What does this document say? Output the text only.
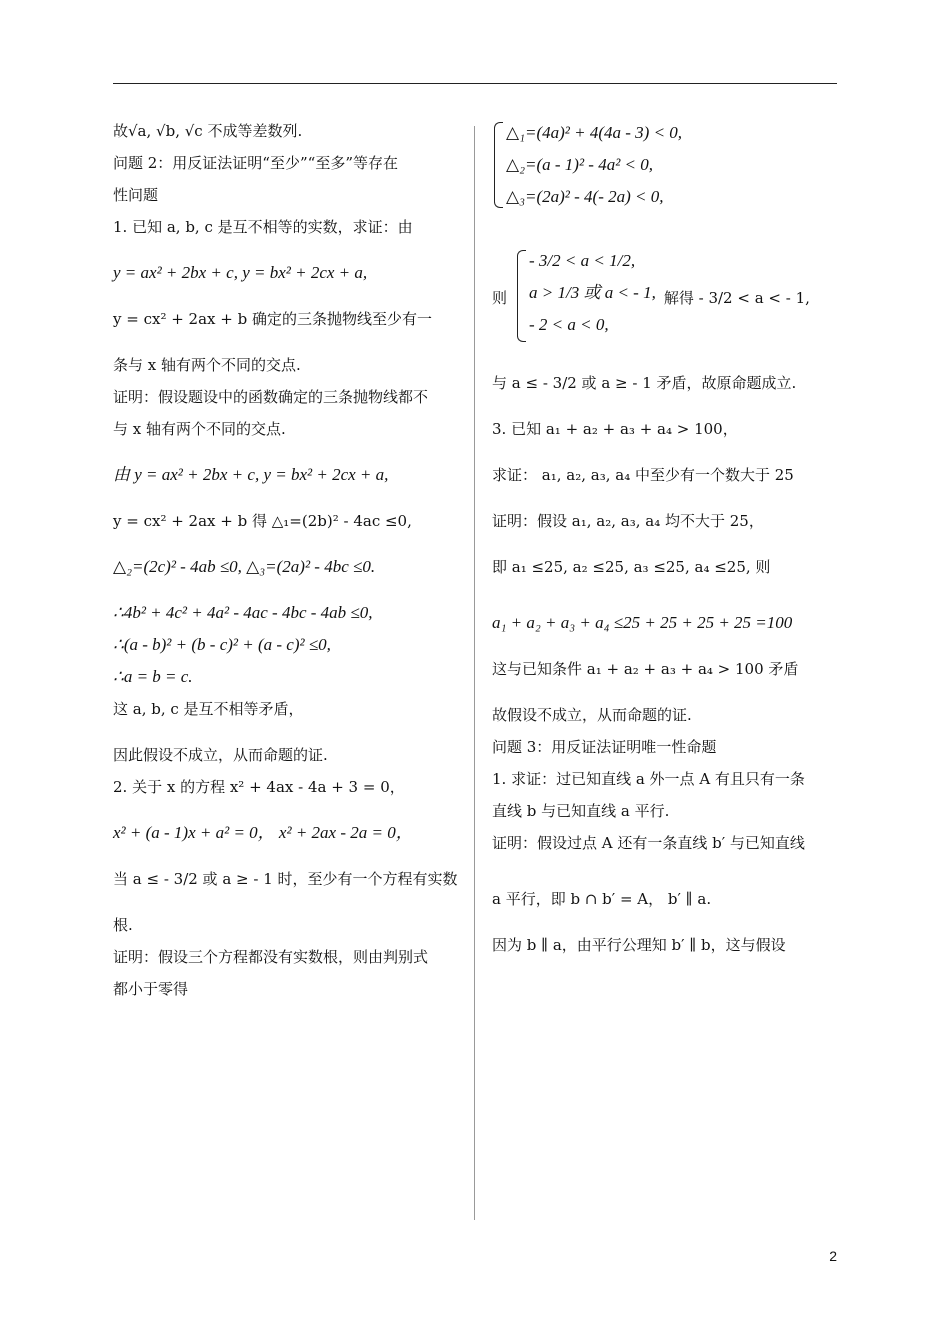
故√a, √b, √c 不成等差数列.

问题 2：用反证法证明“至少”“至多”等存在

性问题

1. 已知 a, b, c 是互不相等的实数，求证：由

y = ax² + 2bx + c, y = bx² + 2cx + a,

y = cx² + 2ax + b 确定的三条抛物线至少有一

条与 x 轴有两个不同的交点.

证明：假设题设中的函数确定的三条抛物线都不

与 x 轴有两个不同的交点.

由 y = ax² + 2bx + c, y = bx² + 2cx + a,

y = cx² + 2ax + b 得 △₁=(2b)² - 4ac ≤0,

△₂=(2c)² - 4ab ≤0, △₃=(2a)² - 4bc ≤0.

∴4b² + 4c² + 4a² - 4ac - 4bc - 4ab ≤0,

∴(a - b)² + (b - c)² + (a - c)² ≤0,

∴a = b = c.

这 a, b, c 是互不相等矛盾，

因此假设不成立，从而命题的证.

2. 关于 x 的方程 x² + 4ax - 4a + 3 = 0，

x² + (a - 1)x + a² = 0， x² + 2ax - 2a = 0，

当 a ≤ - 3/2 或 a ≥ - 1 时，至少有一个方程有实数

根.

证明：假设三个方程都没有实数根，则由判别式

都小于零得

△₁=(4a)² + 4(4a - 3) < 0,

△₂=(a - 1)² - 4a² < 0,

△₃=(2a)² - 4(- 2a) < 0,

则

- 3/2 < a < 1/2,

a > 1/3 或 a < - 1,

- 2 < a < 0,

解得 - 3/2 < a < - 1,

与 a ≤ - 3/2 或 a ≥ - 1 矛盾，故原命题成立.

3. 已知 a₁ + a₂ + a₃ + a₄ > 100，

求证： a₁, a₂, a₃, a₄ 中至少有一个数大于 25

证明：假设 a₁, a₂, a₃, a₄ 均不大于 25，

即 a₁ ≤25, a₂ ≤25, a₃ ≤25, a₄ ≤25, 则

a₁ + a₂ + a₃ + a₄ ≤25 + 25 + 25 + 25 =100

这与已知条件 a₁ + a₂ + a₃ + a₄ > 100 矛盾

故假设不成立，从而命题的证.

问题 3：用反证法证明唯一性命题

1. 求证：过已知直线 a 外一点 A 有且只有一条

直线 b 与已知直线 a 平行.

证明：假设过点 A 还有一条直线 b′ 与已知直线

a 平行，即 b ∩ b′ = A， b′ ∥ a.

因为 b ∥ a，由平行公理知 b′ ∥ b，这与假设

2
